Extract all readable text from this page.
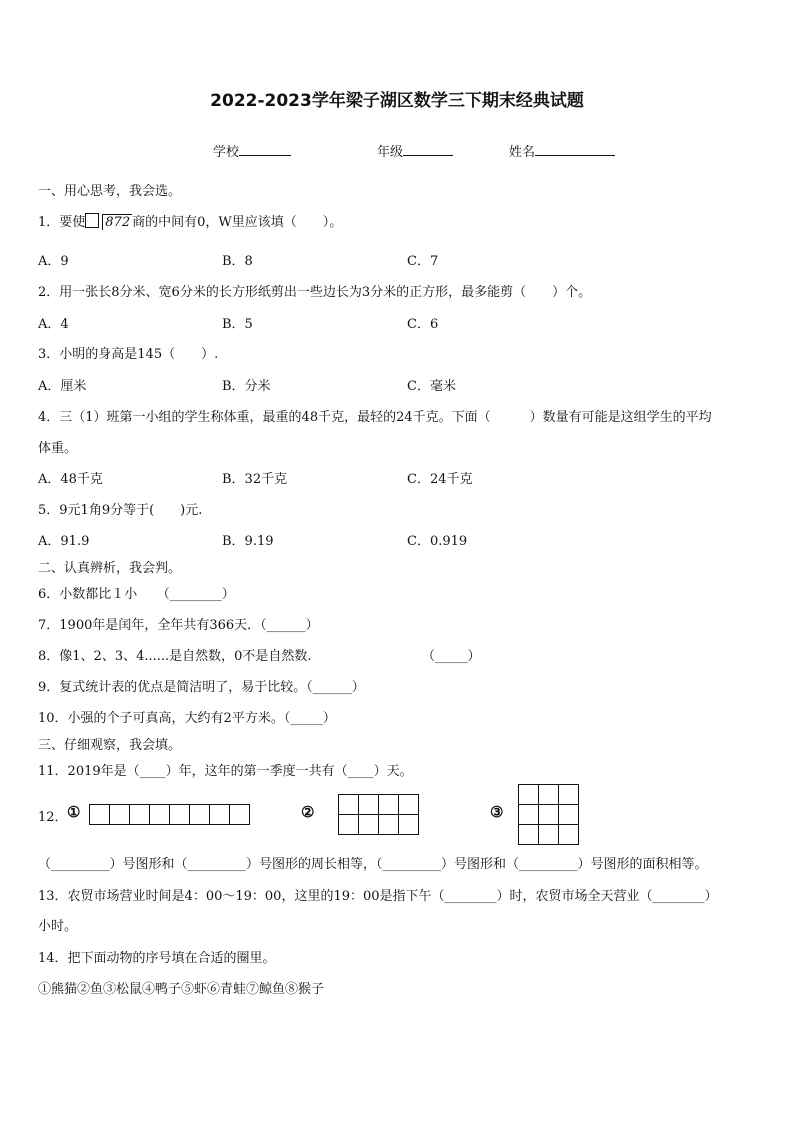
2022-2023学年梁子湖区数学三下期末经典试题
学校	年级	姓名
一、用心思考，我会选。
1．要使 872 商的中间有0，W里应该填（　　）。
A．9	B．8	C．7
2．用一张长8分米、宽6分米的长方形纸剪出一些边长为3分米的正方形，最多能剪（　　）个。
A．4	B．5	C．6
3．小明的身高是145（　　）.
A．厘米	B．分米	C．毫米
4．三（1）班第一小组的学生称体重，最重的48千克，最轻的24千克。下面（　　　）数量有可能是这组学生的平均
体重。
A．48千克	B．32千克	C．24千克
5．9元1角9分等于(　　)元.
A．91.9	B．9.19	C．0.919
二、认真辨析，我会判。
6．小数都比１小　　（________）
7．1900年是闰年，全年共有366天．（______）
8．像1、2、3、4......是自然数，0不是自然数.	（_____）
9．复式统计表的优点是简洁明了，易于比较。（______）
10．小强的个子可真高，大约有2平方米。（_____）
三、仔细观察，我会填。
11．2019年是（____）年，这年的第一季度一共有（____）天。
12． ①	②	③
（_________）号图形和（_________）号图形的周长相等，（_________）号图形和（_________）号图形的面积相等。
13．农贸市场营业时间是4：00～19：00，这里的19：00是指下午（________）时，农贸市场全天营业（________）
小时。
14．把下面动物的序号填在合适的圈里。
①熊猫②鱼③松鼠④鸭子⑤虾⑥青蛙⑦鲸鱼⑧猴子
